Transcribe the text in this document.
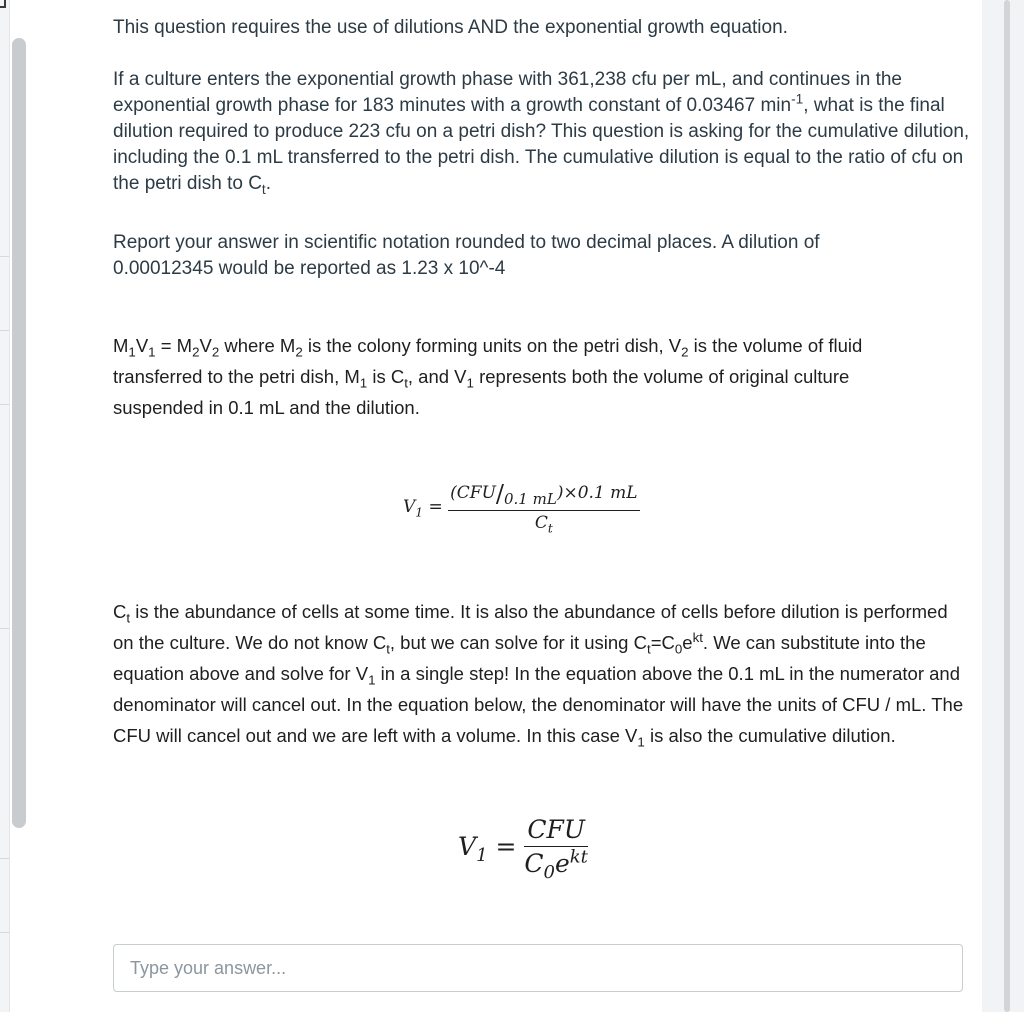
This question requires the use of dilutions AND the exponential growth equation.

If a culture enters the exponential growth phase with 361,238 cfu per mL, and continues in the exponential growth phase for 183 minutes with a growth constant of 0.03467 $\min^{-1}$, what is the final dilution required to produce 223 cfu on a petri dish? This question is asking for the cumulative dilution, including the 0.1 mL transferred to the petri dish. The cumulative dilution is equal to the ratio of cfu on the petri dish to $C_t$.

Report your answer in scientific notation rounded to two decimal places. A dilution of 0.00012345 would be reported as 1.23 x 10^-4

$M_1V_1 = M_2V_2$ where $M_2$ is the colony forming units on the petri dish, $V_2$ is the volume of fluid transferred to the petri dish, $M_1$ is $C_t$, and $V_1$ represents both the volume of original culture suspended in 0.1 mL and the dilution.

$V_1 = \frac{\text{(CFU/0.1 mL)×0.1 mL}}{C_t}$

$C_t$ is the abundance of cells at some time. It is also the abundance of cells before dilution is performed on the culture. We do not know $C_t$, but we can solve for it using $C_t=C_0e^{kt}$. We can substitute into the equation above and solve for $V_1$ in a single step! In the equation above the 0.1 mL in the numerator and denominator will cancel out. In the equation below, the denominator will have the units of CFU / mL. The CFU will cancel out and we are left with a volume. In this case $V_1$ is also the cumulative dilution.

$V_1 = \frac{\text{CFU}}{C_0e^{kt}}$
Type your answer...
